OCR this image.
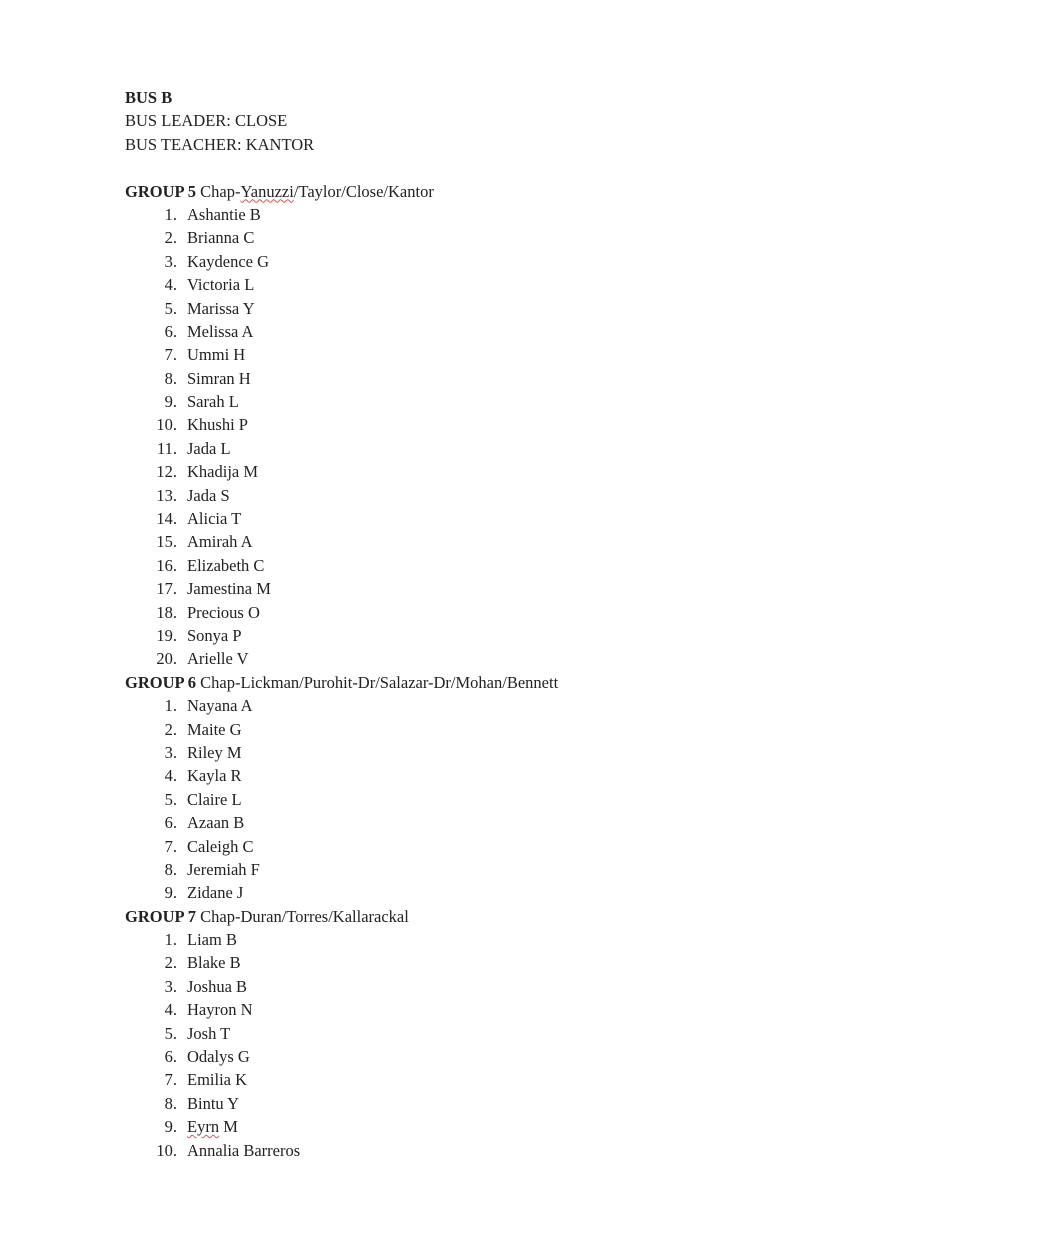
BUS B
BUS LEADER: CLOSE
BUS TEACHER: KANTOR
GROUP 5 Chap-Yanuzzi/Taylor/Close/Kantor
1. Ashantie B
2. Brianna C
3. Kaydence G
4. Victoria L
5. Marissa Y
6. Melissa A
7. Ummi H
8. Simran H
9. Sarah L
10. Khushi P
11. Jada L
12. Khadija M
13. Jada S
14. Alicia T
15. Amirah A
16. Elizabeth C
17. Jamestina M
18. Precious O
19. Sonya P
20. Arielle V
GROUP 6 Chap-Lickman/Purohit-Dr/Salazar-Dr/Mohan/Bennett
1. Nayana A
2. Maite G
3. Riley M
4. Kayla R
5. Claire L
6. Azaan B
7. Caleigh C
8. Jeremiah F
9. Zidane J
GROUP 7 Chap-Duran/Torres/Kallarackal
1. Liam B
2. Blake B
3. Joshua B
4. Hayron N
5. Josh T
6. Odalys G
7. Emilia K
8. Bintu Y
9. Eyrn M
10. Annalia Barreros
